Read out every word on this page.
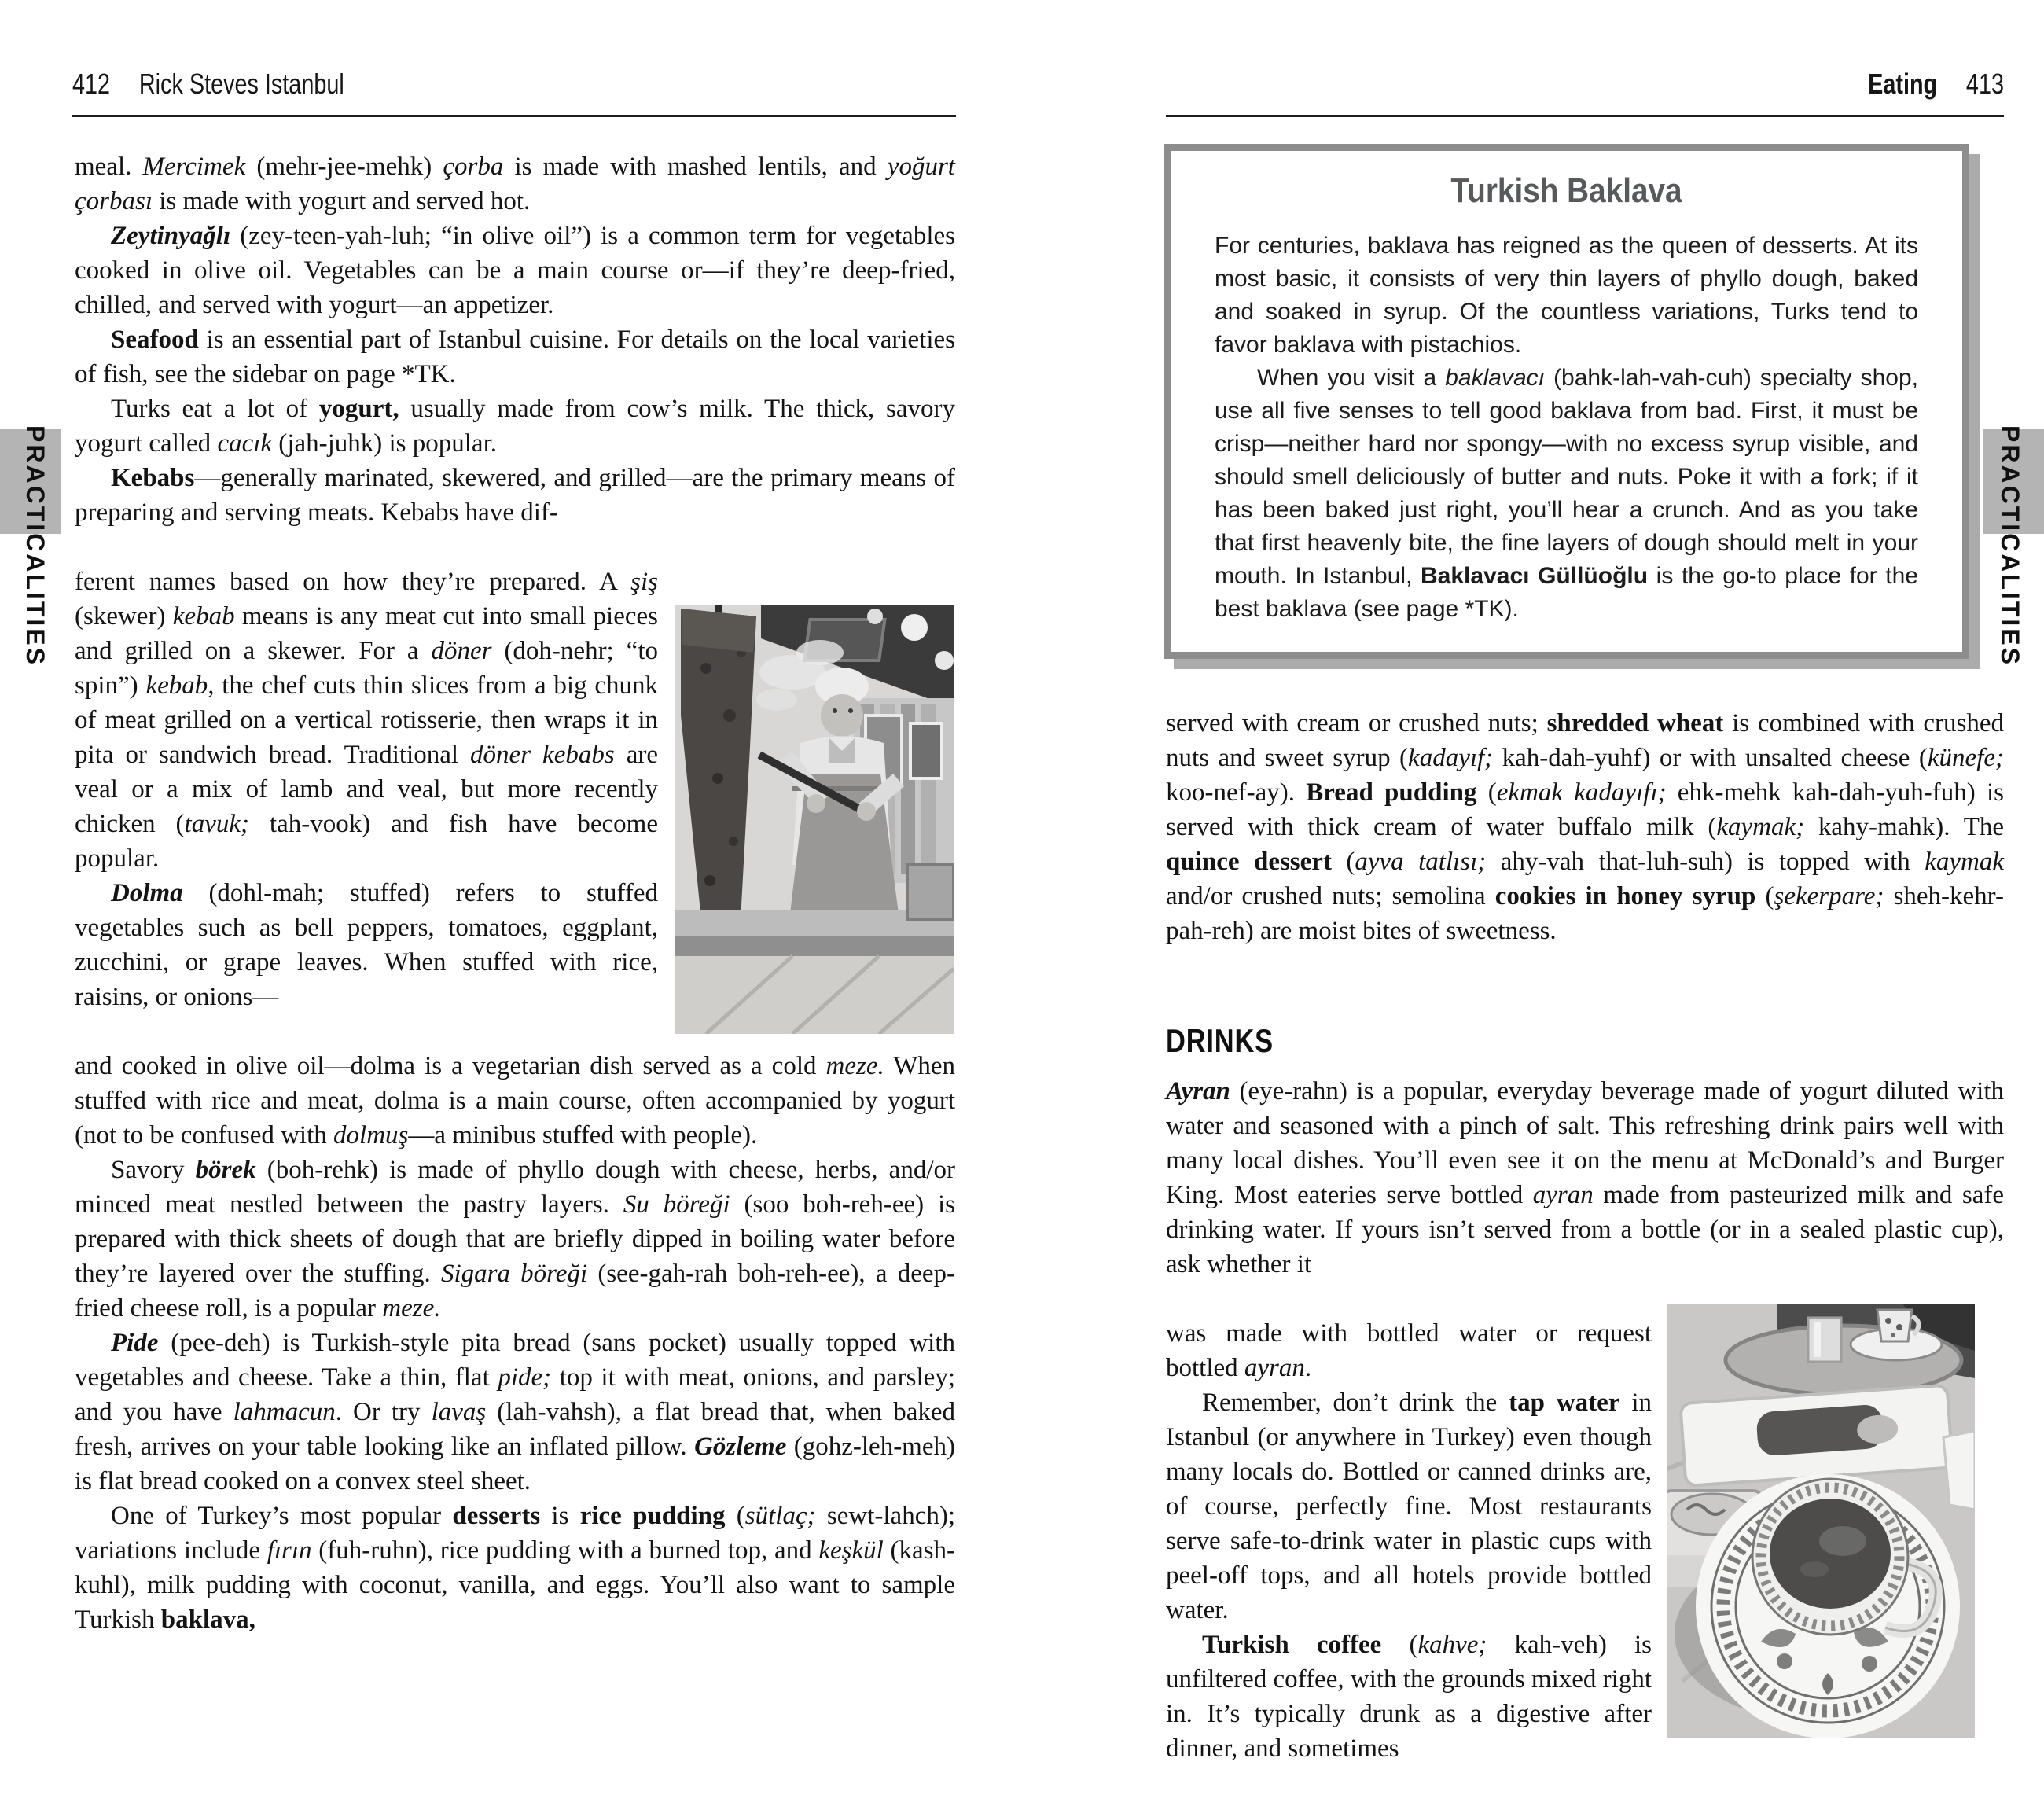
412 Rick Steves Istanbul
PRACTICALITIES

meal. Mercimek (mehr-jee-mehk) çorba is made with mashed lentils, and yoğurt çorbası is made with yogurt and served hot.

Zeytinyağlı (zey-teen-yah-luh; “in olive oil”) is a common term for vegetables cooked in olive oil. Vegetables can be a main course or—if they’re deep-fried, chilled, and served with yogurt—an appetizer.

Seafood is an essential part of Istanbul cuisine. For details on the local varieties of fish, see the sidebar on page *TK.

Turks eat a lot of yogurt, usually made from cow’s milk. The thick, savory yogurt called cacık (jah-juhk) is popular.

Kebabs—generally marinated, skewered, and grilled—are the primary means of preparing and serving meats. Kebabs have dif-

ferent names based on how they’re prepared. A şiş (skewer) kebab means is any meat cut into small pieces and grilled on a skewer. For a döner (doh-nehr; “to spin”) kebab, the chef cuts thin slices from a big chunk of meat grilled on a vertical rotisserie, then wraps it in pita or sandwich bread. Traditional döner kebabs are veal or a mix of lamb and veal, but more recently chicken (tavuk; tah-vook) and fish have become popular.

Dolma (dohl-mah; stuffed) refers to stuffed vegetables such as bell peppers, tomatoes, eggplant, zucchini, or grape leaves. When stuffed with rice, raisins, or onions—

and cooked in olive oil—dolma is a vegetarian dish served as a cold meze. When stuffed with rice and meat, dolma is a main course, often accompanied by yogurt (not to be confused with dolmuş—a minibus stuffed with people).

Savory börek (boh-rehk) is made of phyllo dough with cheese, herbs, and/or minced meat nestled between the pastry layers. Su böreği (soo boh-reh-ee) is prepared with thick sheets of dough that are briefly dipped in boiling water before they’re layered over the stuffing. Sigara böreği (see-gah-rah boh-reh-ee), a deep-fried cheese roll, is a popular meze.

Pide (pee-deh) is Turkish-style pita bread (sans pocket) usually topped with vegetables and cheese. Take a thin, flat pide; top it with meat, onions, and parsley; and you have lahmacun. Or try lavaş (lah-vahsh), a flat bread that, when baked fresh, arrives on your table looking like an inflated pillow. Gözleme (gohz-leh-meh) is flat bread cooked on a convex steel sheet.

One of Turkey’s most popular desserts is rice pudding (sütlaç; sewt-lahch); variations include fırın (fuh-ruhn), rice pudding with a burned top, and keşkül (kash-kuhl), milk pudding with coconut, vanilla, and eggs. You’ll also want to sample Turkish baklava,

Eating 413
PRACTICALITIES
Turkish Baklava

For centuries, baklava has reigned as the queen of desserts. At its most basic, it consists of very thin layers of phyllo dough, baked and soaked in syrup. Of the countless variations, Turks tend to favor baklava with pistachios.

When you visit a baklavacı (bahk-lah-vah-cuh) specialty shop, use all five senses to tell good baklava from bad. First, it must be crisp—neither hard nor spongy—with no excess syrup visible, and should smell deliciously of butter and nuts. Poke it with a fork; if it has been baked just right, you’ll hear a crunch. And as you take that first heavenly bite, the fine layers of dough should melt in your mouth. In Istanbul, Baklavacı Güllüoğlu is the go-to place for the best baklava (see page *TK).

served with cream or crushed nuts; shredded wheat is combined with crushed nuts and sweet syrup (kadayıf; kah-dah-yuhf) or with unsalted cheese (künefe; koo-nef-ay). Bread pudding (ekmak kadayıfı; ehk-mehk kah-dah-yuh-fuh) is served with thick cream of water buffalo milk (kaymak; kahy-mahk). The quince dessert (ayva tatlısı; ahy-vah that-luh-suh) is topped with kaymak and/or crushed nuts; semolina cookies in honey syrup (şekerpare; sheh-kehr-pah-reh) are moist bites of sweetness.

DRINKS

Ayran (eye-rahn) is a popular, everyday beverage made of yogurt diluted with water and seasoned with a pinch of salt. This refreshing drink pairs well with many local dishes. You’ll even see it on the menu at McDonald’s and Burger King. Most eateries serve bottled ayran made from pasteurized milk and safe drinking water. If yours isn’t served from a bottle (or in a sealed plastic cup), ask whether it

was made with bottled water or request bottled ayran.

Remember, don’t drink the tap water in Istanbul (or anywhere in Turkey) even though many locals do. Bottled or canned drinks are, of course, perfectly fine. Most restaurants serve safe-to-drink water in plastic cups with peel-off tops, and all hotels provide bottled water.

Turkish coffee (kahve; kah-veh) is unfiltered coffee, with the grounds mixed right in. It’s typically drunk as a digestive after dinner, and sometimes
